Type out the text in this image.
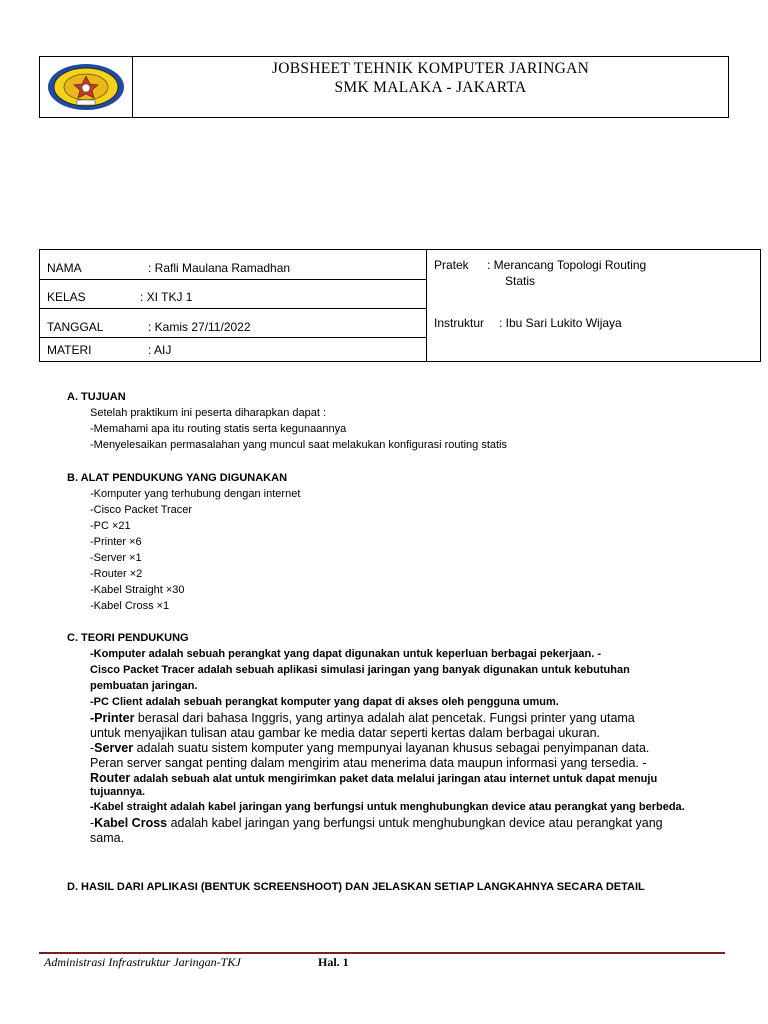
JOBSHEET TEHNIK KOMPUTER JARINGAN
SMK MALAKA - JAKARTA
NAMA	: Rafli Maulana Ramadhan
KELAS	: XI TKJ 1
TANGGAL	: Kamis 27/11/2022
MATERI	: AIJ
Pratek : Merancang Topologi Routing
Statis
Instruktur : Ibu Sari Lukito Wijaya
A. TUJUAN
Setelah praktikum ini peserta diharapkan dapat :
-Memahami apa itu routing statis serta kegunaannya
-Menyelesaikan permasalahan yang muncul saat melakukan konfigurasi routing statis
B. ALAT PENDUKUNG YANG DIGUNAKAN
-Komputer yang terhubung dengan internet
-Cisco Packet Tracer
-PC ×21
-Printer ×6
-Server ×1
-Router ×2
-Kabel Straight ×30
-Kabel Cross ×1
C. TEORI PENDUKUNG
-Komputer adalah sebuah perangkat yang dapat digunakan untuk keperluan berbagai pekerjaan. -
Cisco Packet Tracer adalah sebuah aplikasi simulasi jaringan yang banyak digunakan untuk kebutuhan
pembuatan jaringan.
-PC Client adalah sebuah perangkat komputer yang dapat di akses oleh pengguna umum.
-Printer berasal dari bahasa Inggris, yang artinya adalah alat pencetak. Fungsi printer yang utama
untuk menyajikan tulisan atau gambar ke media datar seperti kertas dalam berbagai ukuran.
-Server adalah suatu sistem komputer yang mempunyai layanan khusus sebagai penyimpanan data.
Peran server sangat penting dalam mengirim atau menerima data maupun informasi yang tersedia. -
Router adalah sebuah alat untuk mengirimkan paket data melalui jaringan atau internet untuk dapat menuju
tujuannya.
-Kabel straight adalah kabel jaringan yang berfungsi untuk menghubungkan device atau perangkat yang berbeda.
-Kabel Cross adalah kabel jaringan yang berfungsi untuk menghubungkan device atau perangkat yang
sama.
D. HASIL DARI APLIKASI (BENTUK SCREENSHOOT) DAN JELASKAN SETIAP LANGKAHNYA SECARA DETAIL
Administrasi Infrastruktur Jaringan-TKJ	Hal. 1
